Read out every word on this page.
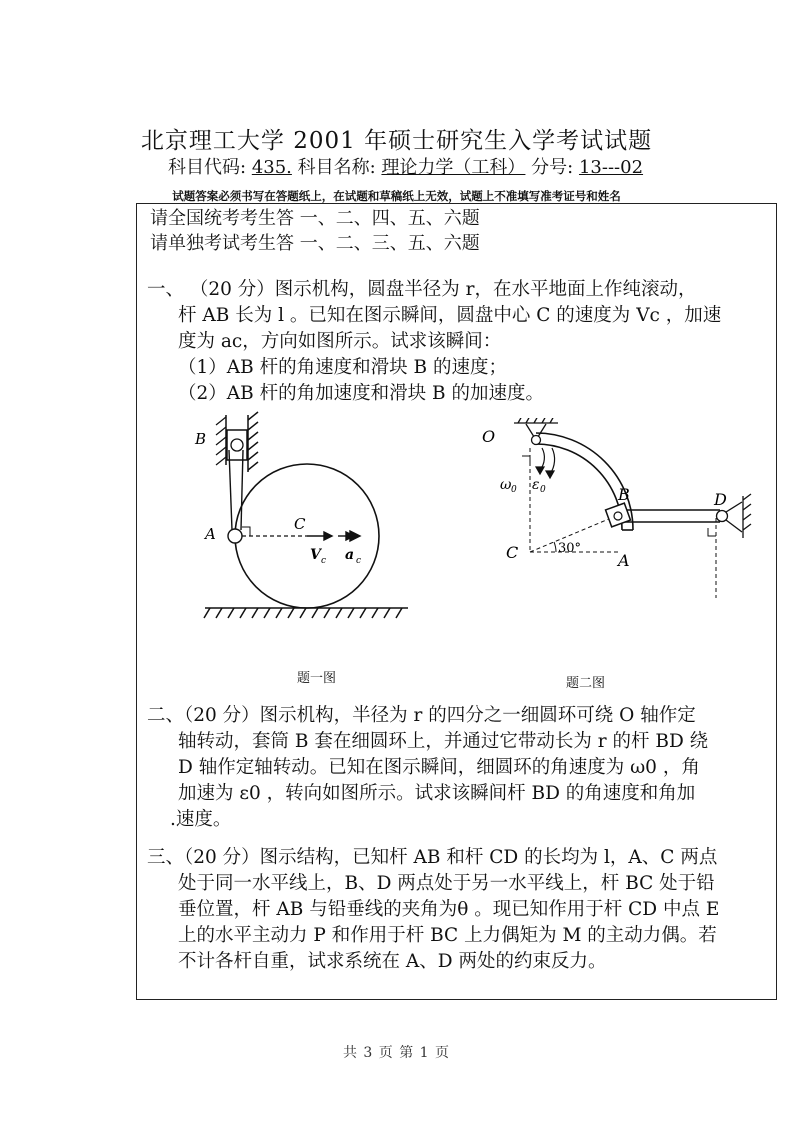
北京理工大学 2001 年硕士研究生入学考试试题
科目代码: 435. 科目名称: 理论力学（工科） 分号: 13---02
试题答案必须书写在答题纸上，在试题和草稿纸上无效，试题上不准填写准考证号和姓名
请全国统考考生答 一、二、四、五、六题
请单独考试考生答 一、二、三、五、六题
一、 （20 分）图示机构，圆盘半径为 r，在水平地面上作纯滚动，
杆 AB 长为 l 。已知在图示瞬间，圆盘中心 C 的速度为 Vc ，加速
度为 ac，方向如图所示。试求该瞬间：
（1）AB 杆的角速度和滑块 B 的速度；
（2）AB 杆的角加速度和滑块 B 的加速度。
B
A
C
V c a c
题一图
O
ω 0 ε 0	B	D
C	A
30°
题二图
二、（20 分）图示机构，半径为 r 的四分之一细圆环可绕 O 轴作定
轴转动，套筒 B 套在细圆环上，并通过它带动长为 r 的杆 BD 绕
D 轴作定轴转动。已知在图示瞬间，细圆环的角速度为 ω0 ，角
加速为 ε0 ，转向如图所示。试求该瞬间杆 BD 的角速度和角加
.速度。
三、（20 分）图示结构，已知杆 AB 和杆 CD 的长均为 l，A、C 两点
处于同一水平线上，B、D 两点处于另一水平线上，杆 BC 处于铅
垂位置，杆 AB 与铅垂线的夹角为θ 。现已知作用于杆 CD 中点 E
上的水平主动力 P 和作用于杆 BC 上力偶矩为 M 的主动力偶。若
不计各杆自重，试求系统在 A、D 两处的约束反力。
共 3 页 第 1 页
